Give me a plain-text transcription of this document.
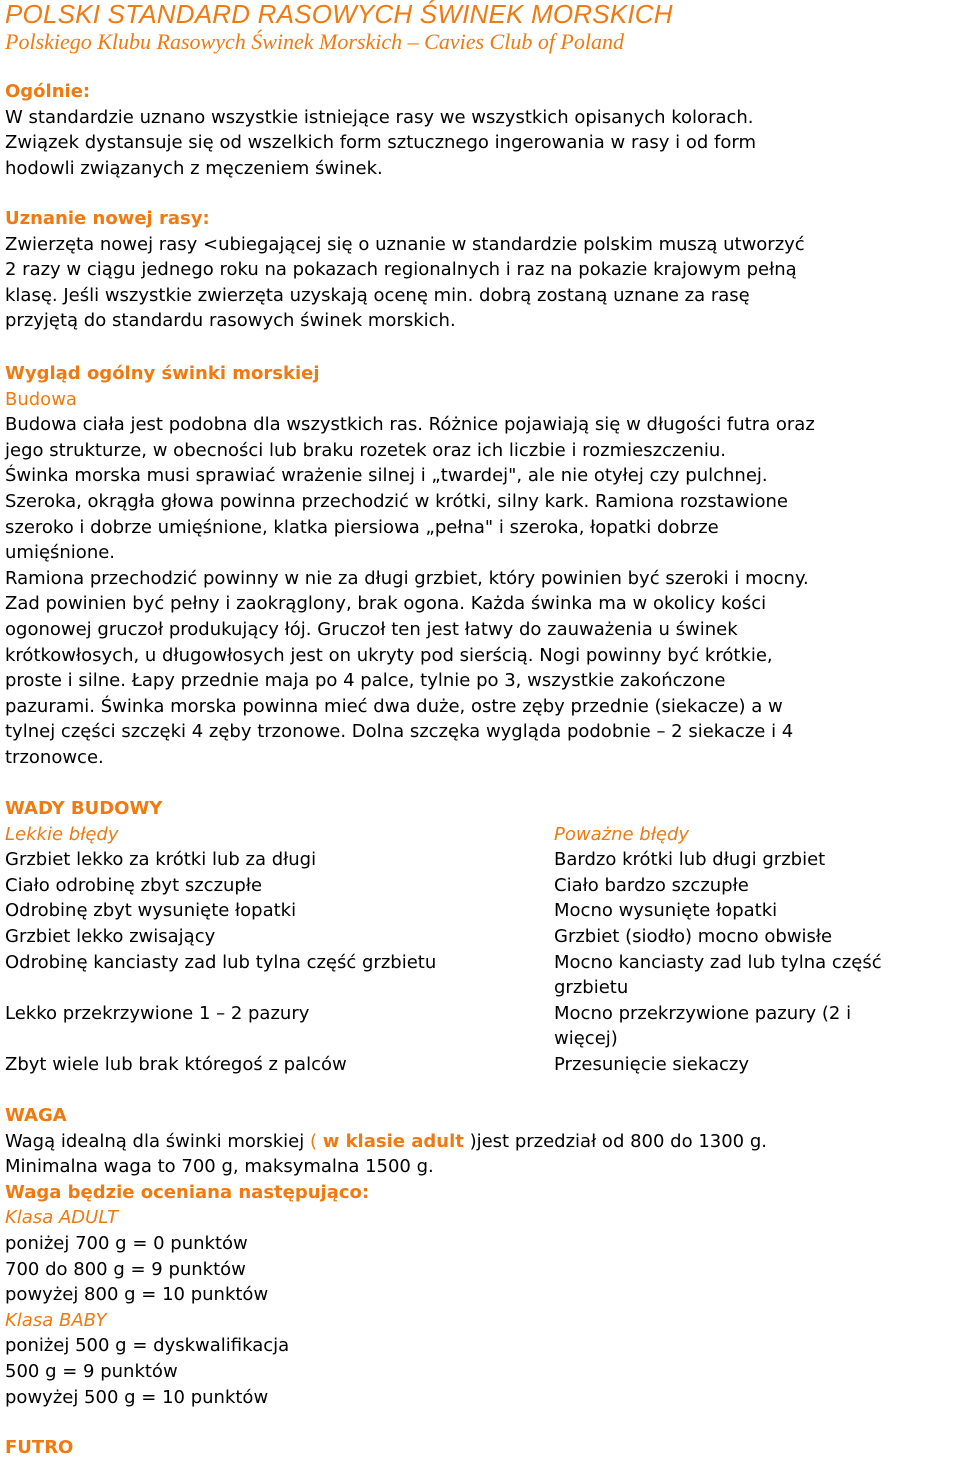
POLSKI STANDARD RASOWYCH ŚWINEK MORSKICH
Polskiego Klubu Rasowych Świnek Morskich – Cavies Club of Poland
Ogólnie:
W standardzie uznano wszystkie istniejące rasy we wszystkich opisanych kolorach.
Związek dystansuje się od wszelkich form sztucznego ingerowania w rasy i od form
hodowli związanych z męczeniem świnek.
Uznanie nowej rasy:
Zwierzęta nowej rasy <ubiegającej się o uznanie w standardzie polskim muszą utworzyć
2 razy w ciągu jednego roku na pokazach regionalnych i raz na pokazie krajowym pełną
klasę. Jeśli wszystkie zwierzęta uzyskają ocenę min. dobrą zostaną uznane za rasę
przyjętą do standardu rasowych świnek morskich.
Wygląd ogólny świnki morskiej
Budowa
Budowa ciała jest podobna dla wszystkich ras. Różnice pojawiają się w długości futra oraz
jego strukturze, w obecności lub braku rozetek oraz ich liczbie i rozmieszczeniu.
Świnka morska musi sprawiać wrażenie silnej i „twardej", ale nie otyłej czy pulchnej.
Szeroka, okrągła głowa powinna przechodzić w krótki, silny kark. Ramiona rozstawione
szeroko i dobrze umięśnione, klatka piersiowa „pełna" i szeroka, łopatki dobrze
umięśnione.
Ramiona przechodzić powinny w nie za długi grzbiet, który powinien być szeroki i mocny.
Zad powinien być pełny i zaokrąglony, brak ogona. Każda świnka ma w okolicy kości
ogonowej gruczoł produkujący łój. Gruczoł ten jest łatwy do zauważenia u świnek
krótkowłosych, u długowłosych jest on ukryty pod sierścią. Nogi powinny być krótkie,
proste i silne. Łapy przednie maja po 4 palce, tylnie po 3, wszystkie zakończone
pazurami. Świnka morska powinna mieć dwa duże, ostre zęby przednie (siekacze) a w
tylnej części szczęki 4 zęby trzonowe. Dolna szczęka wygląda podobnie – 2 siekacze i 4
trzonowce.
WADY BUDOWY
Lekkie błędy	Poważne błędy
Grzbiet lekko za krótki lub za długi	Bardzo krótki lub długi grzbiet
Ciało odrobinę zbyt szczupłe	Ciało bardzo szczupłe
Odrobinę zbyt wysunięte łopatki	Mocno wysunięte łopatki
Grzbiet lekko zwisający	Grzbiet (siodło) mocno obwisłe
Odrobinę kanciasty zad lub tylna część grzbietu	Mocno kanciasty zad lub tylna część grzbietu
Lekko przekrzywione 1 – 2 pazury	Mocno przekrzywione pazury (2 i więcej)
Zbyt wiele lub brak któregoś z palców	Przesunięcie siekaczy
WAGA
Wagą idealną dla świnki morskiej ( w klasie adult )jest przedział od 800 do 1300 g.
Minimalna waga to 700 g, maksymalna 1500 g.
Waga będzie oceniana następująco:
Klasa ADULT
poniżej 700 g = 0 punktów
700 do 800 g = 9 punktów
powyżej 800 g = 10 punktów
Klasa BABY
poniżej 500 g = dyskwalifikacja
500 g = 9 punktów
powyżej 500 g = 10 punktów
FUTRO
